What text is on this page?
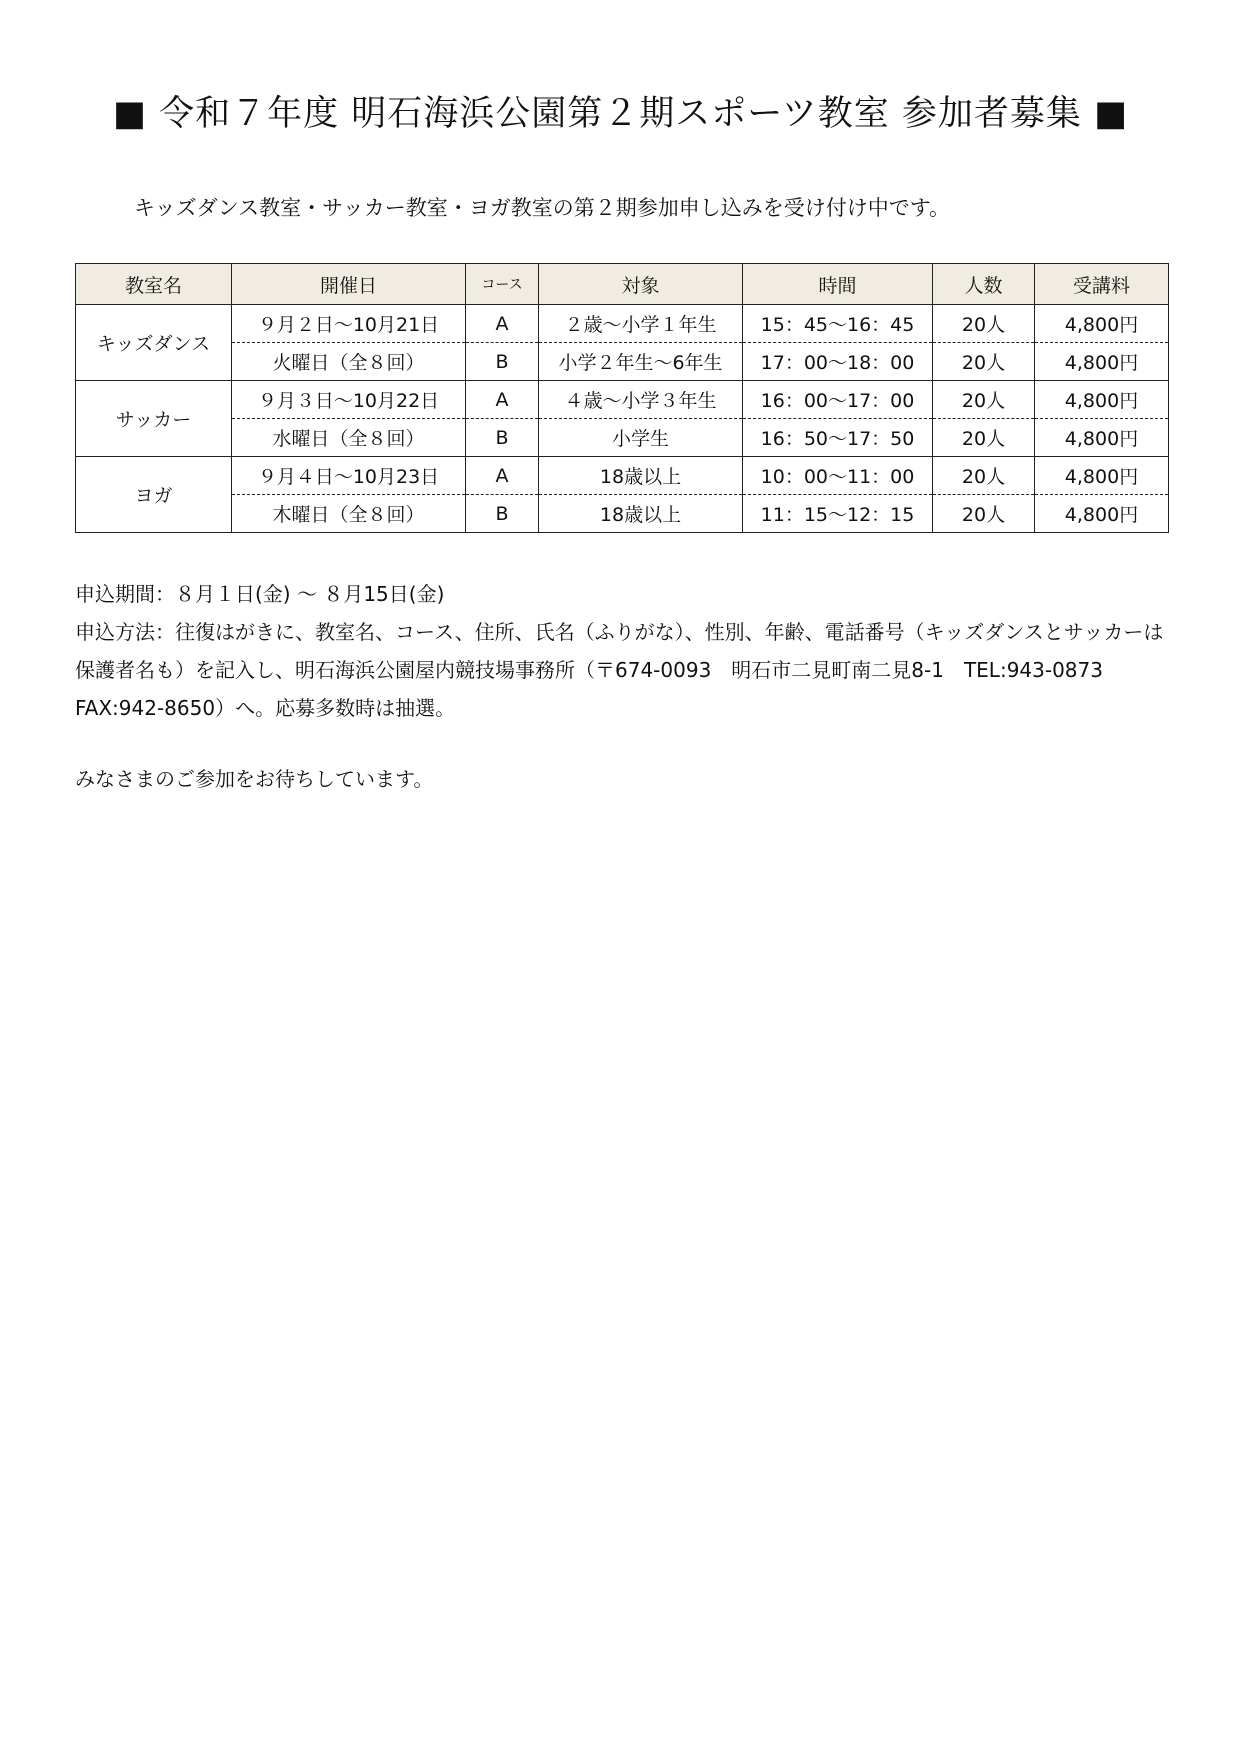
■ 令和７年度 明石海浜公園第２期スポーツ教室 参加者募集 ■
キッズダンス教室・サッカー教室・ヨガ教室の第２期参加申し込みを受け付け中です。
教室名	開催日	コース	対象	時間	人数	受講料
キッズダンス	９月２日〜10月21日	A	２歳〜小学１年生	15：45〜16：45	20人	4,800円
	火曜日（全８回）	B	小学２年生〜6年生	17：00〜18：00	20人	4,800円
サッカー	９月３日〜10月22日	A	４歳〜小学３年生	16：00〜17：00	20人	4,800円
	水曜日（全８回）	B	小学生	16：50〜17：50	20人	4,800円
ヨガ	９月４日〜10月23日	A	18歳以上	10：00〜11：00	20人	4,800円
	木曜日（全８回）	B	18歳以上	11：15〜12：15	20人	4,800円

申込期間：８月１日(金) 〜 ８月15日(金)

申込方法：往復はがきに、教室名、コース、住所、氏名（ふりがな）、性別、年齢、電話番号（キッズダンスとサッカーは保護者名も）を記入し、明石海浜公園屋内競技場事務所（〒674-0093　明石市二見町南二見8-1　TEL:943-0873　FAX:942-8650）へ。応募多数時は抽選。

みなさまのご参加をお待ちしています。
